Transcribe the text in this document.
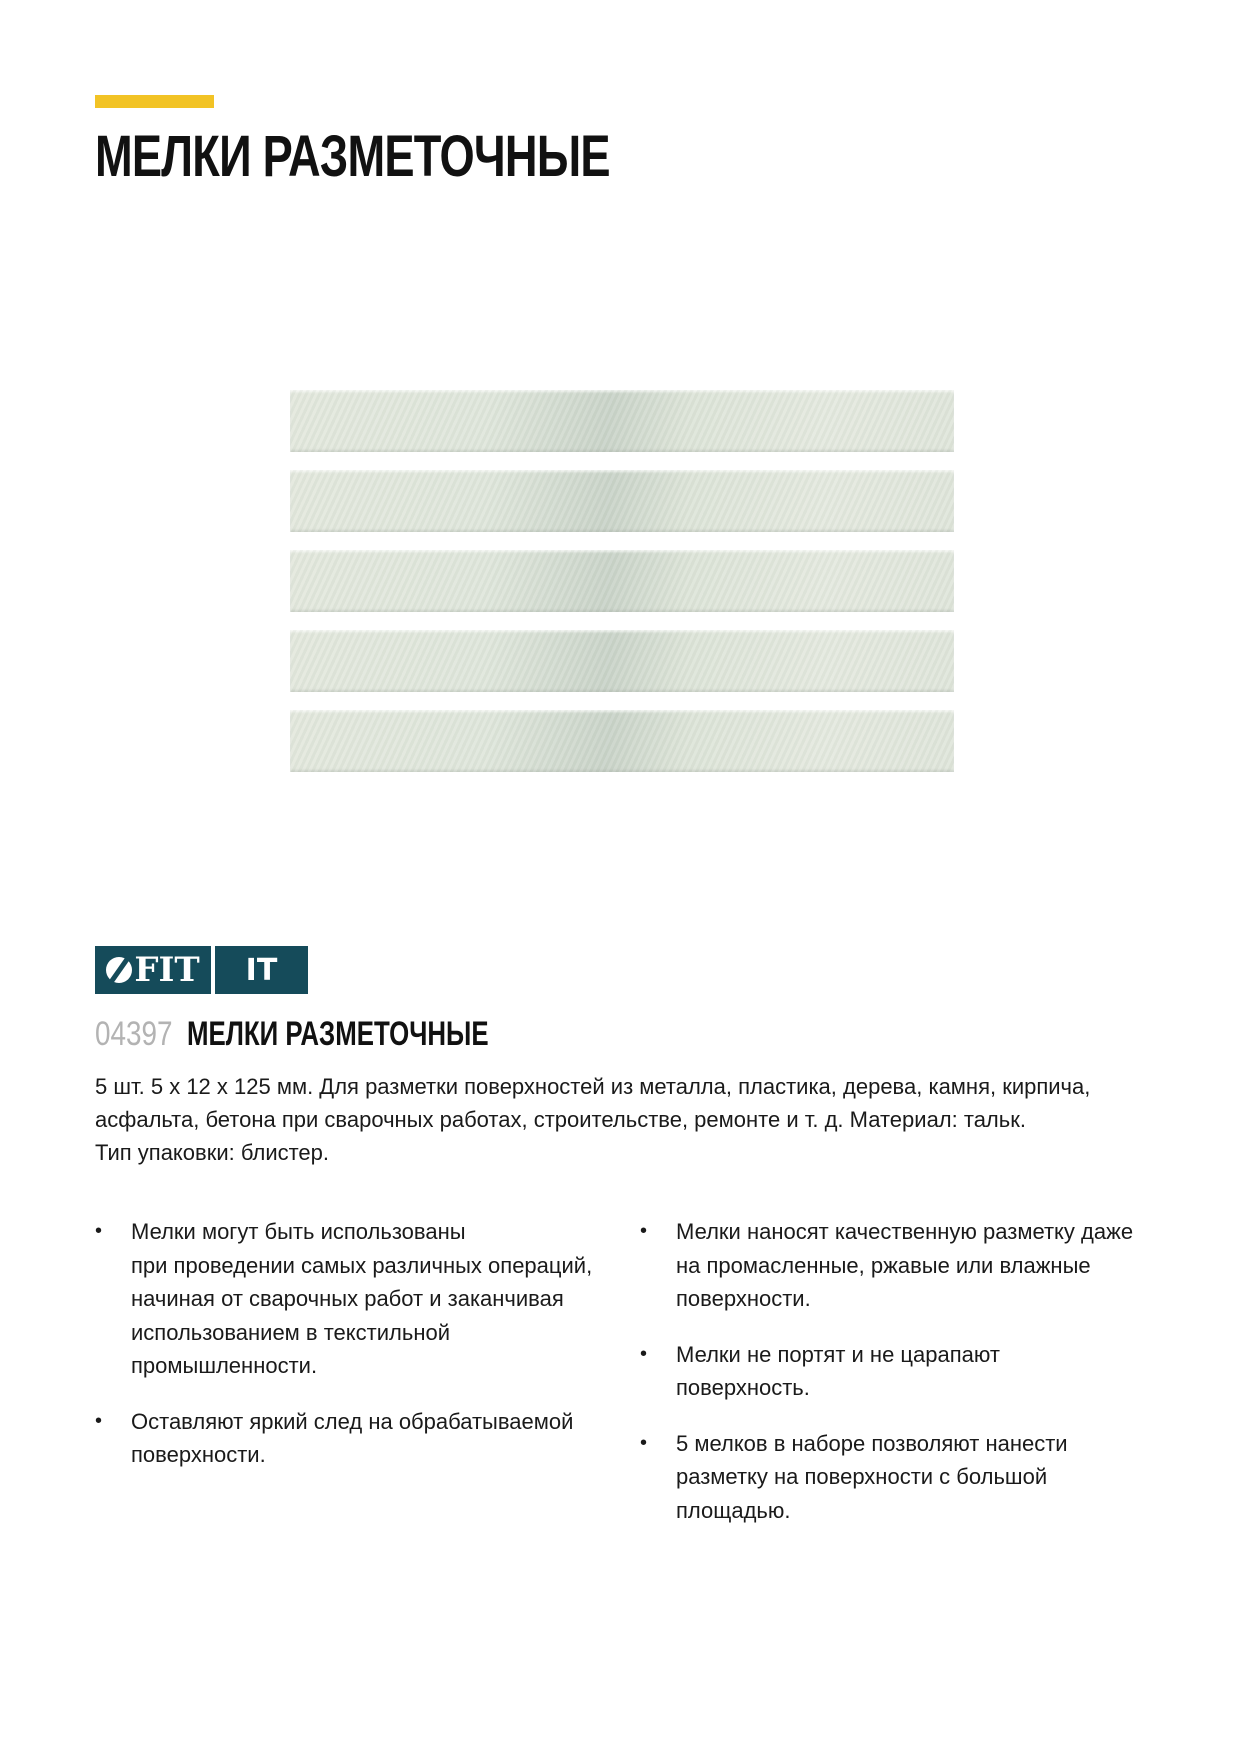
МЕЛКИ РАЗМЕТОЧНЫЕ
FIT	IT
04397 МЕЛКИ РАЗМЕТОЧНЫЕ

5 шт. 5 х 12 х 125 мм. Для разметки поверхностей из металла, пластика, дерева, камня, кирпича,
асфальта, бетона при сварочных работах, строительстве, ремонте и т. д. Материал: тальк.
Тип упаковки: блистер.

• Мелки могут быть использованы
при проведении самых различных операций,
начиная от сварочных работ и заканчивая
использованием в текстильной
промышленности.
• Оставляют яркий след на обрабатываемой
поверхности.
• Мелки наносят качественную разметку даже
на промасленные, ржавые или влажные
поверхности.
• Мелки не портят и не царапают
поверхность.
• 5 мелков в наборе позволяют нанести
разметку на поверхности с большой
площадью.
